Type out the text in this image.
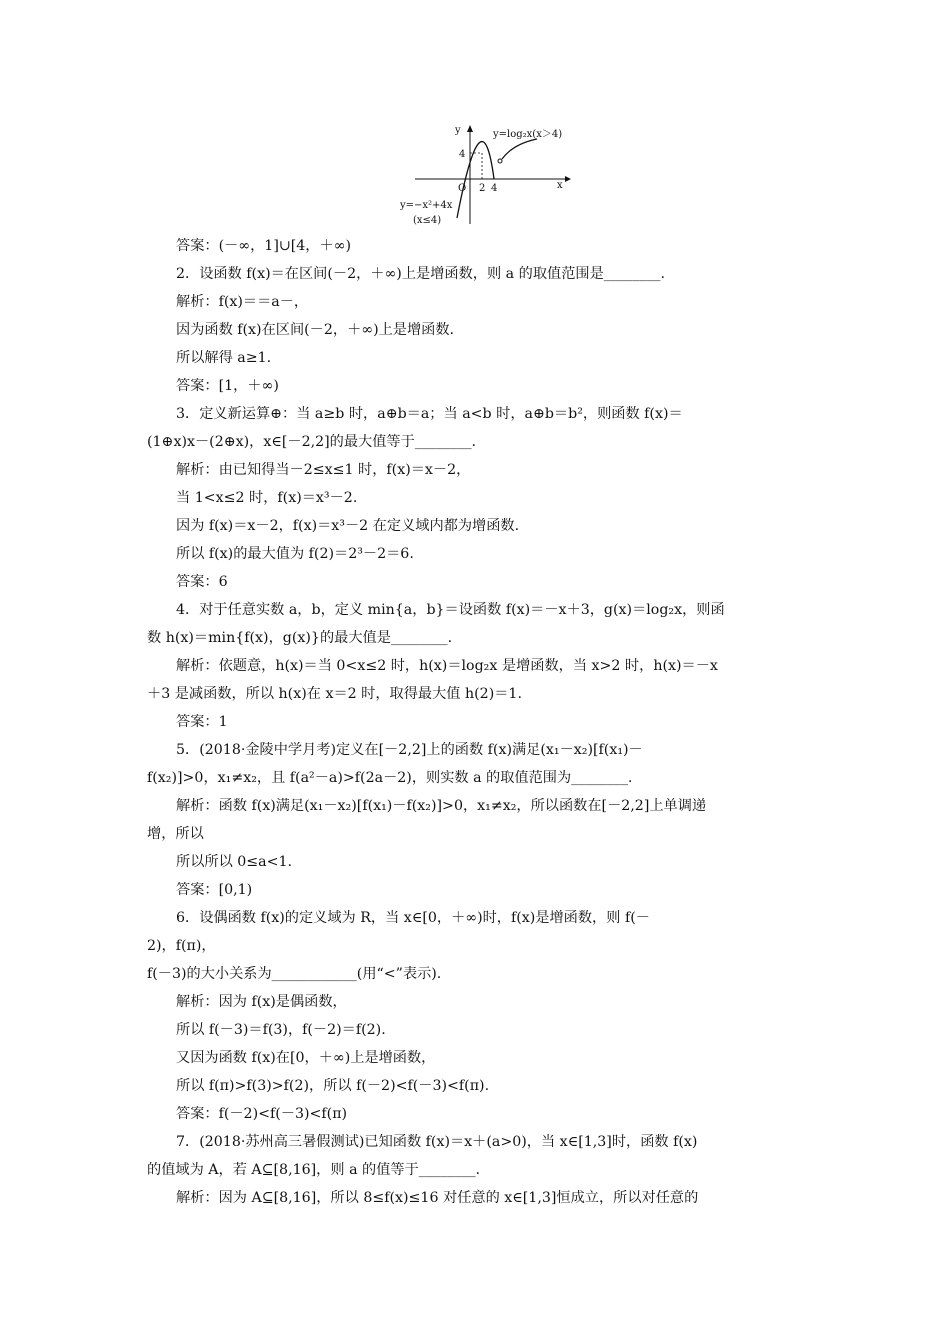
y
x
O
4
2 4
y=log₂x(x＞4)
y=−x²+4x
(x≤4)
答案：(－∞，1]∪[4，＋∞)
2．设函数 f(x)＝在区间(－2，＋∞)上是增函数，则 a 的取值范围是________.
解析：f(x)＝＝a－，
因为函数 f(x)在区间(－2，＋∞)上是增函数.
所以解得 a≥1.
答案：[1，＋∞)
3．定义新运算⊕：当 a≥b 时，a⊕b＝a；当 a<b 时，a⊕b＝b²，则函数 f(x)＝
(1⊕x)x－(2⊕x)，x∈[－2,2]的最大值等于________.
解析：由已知得当－2≤x≤1 时，f(x)＝x－2，
当 1<x≤2 时，f(x)＝x³－2.
因为 f(x)＝x－2，f(x)＝x³－2 在定义域内都为增函数.
所以 f(x)的最大值为 f(2)＝2³－2＝6.
答案：6
4．对于任意实数 a，b，定义 min{a，b}＝设函数 f(x)＝－x＋3，g(x)＝log₂x，则函
数 h(x)＝min{f(x)，g(x)}的最大值是________.
解析：依题意，h(x)＝当 0<x≤2 时，h(x)＝log₂x 是增函数，当 x>2 时，h(x)＝－x
＋3 是减函数，所以 h(x)在 x＝2 时，取得最大值 h(2)＝1.
答案：1
5．(2018·金陵中学月考)定义在[－2,2]上的函数 f(x)满足(x₁－x₂)[f(x₁)－
f(x₂)]>0，x₁≠x₂，且 f(a²－a)>f(2a－2)，则实数 a 的取值范围为________.
解析：函数 f(x)满足(x₁－x₂)[f(x₁)－f(x₂)]>0，x₁≠x₂，所以函数在[－2,2]上单调递
增，所以
所以所以 0≤a<1.
答案：[0,1)
6．设偶函数 f(x)的定义域为 R，当 x∈[0，＋∞)时，f(x)是增函数，则 f(－
2)，f(π)，
f(－3)的大小关系为____________(用“<”表示).
解析：因为 f(x)是偶函数，
所以 f(－3)＝f(3)，f(－2)＝f(2).
又因为函数 f(x)在[0，＋∞)上是增函数，
所以 f(π)>f(3)>f(2)，所以 f(－2)<f(－3)<f(π).
答案：f(－2)<f(－3)<f(π)
7．(2018·苏州高三暑假测试)已知函数 f(x)＝x＋(a>0)，当 x∈[1,3]时，函数 f(x)
的值域为 A，若 A⊆[8,16]，则 a 的值等于________.
解析：因为 A⊆[8,16]，所以 8≤f(x)≤16 对任意的 x∈[1,3]恒成立，所以对任意的
